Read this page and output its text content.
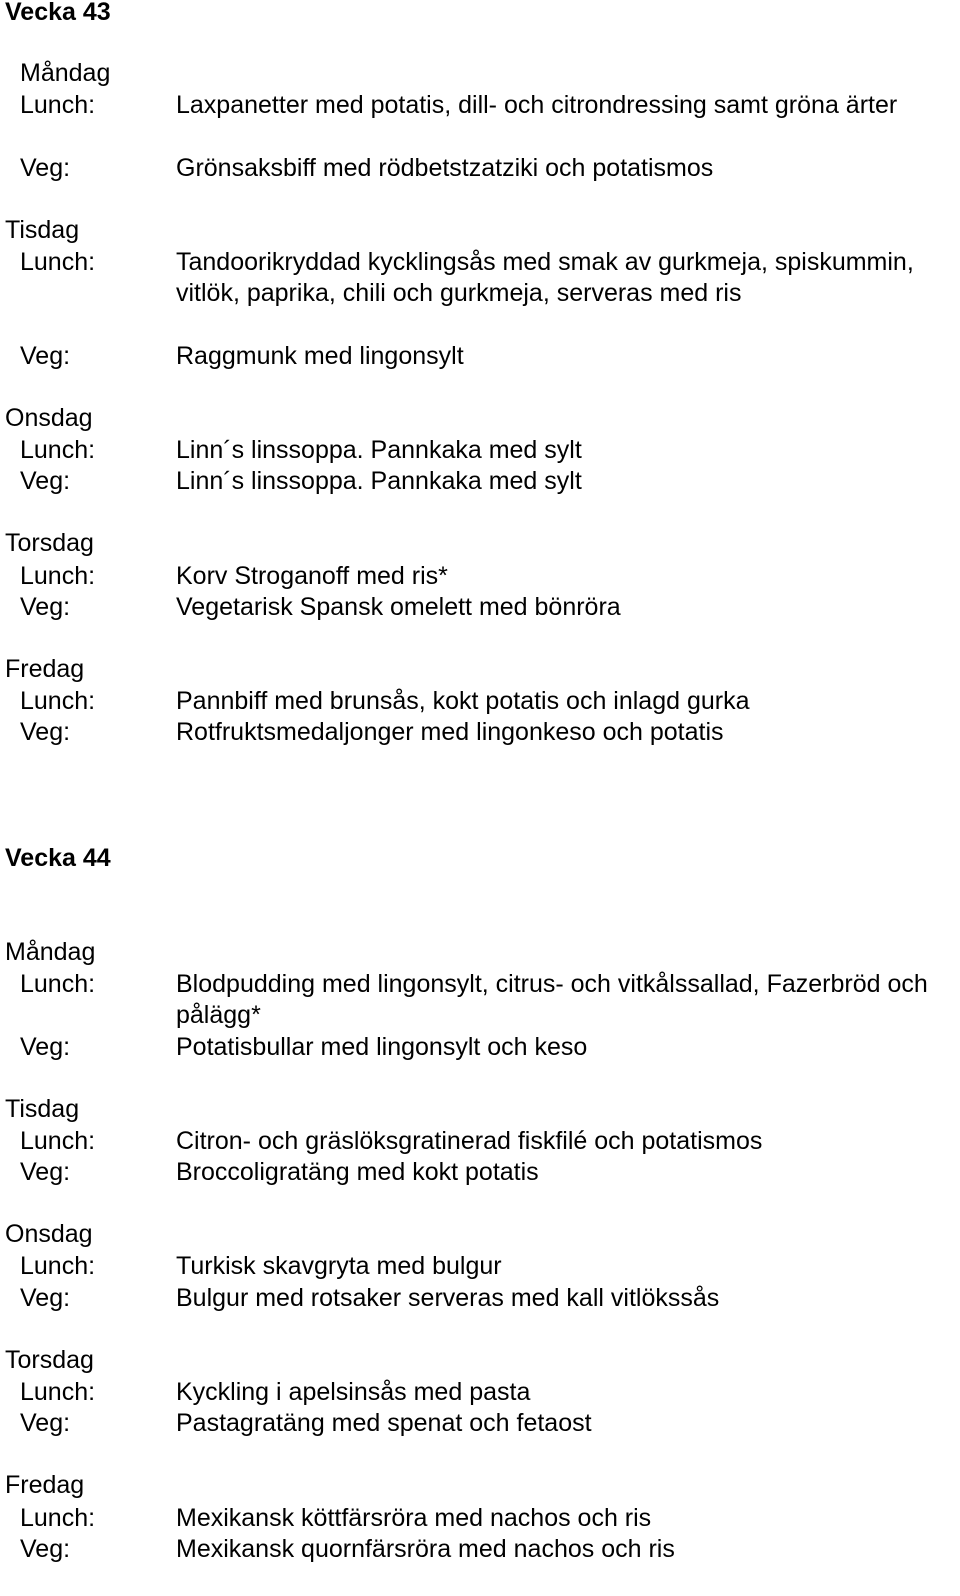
Vecka 43
Måndag
Lunch:	Laxpanetter med potatis, dill- och citrondressing samt gröna ärter
Veg:	Grönsaksbiff med rödbetstzatziki och potatismos
Tisdag
Lunch:	Tandoorikryddad kycklingsås med smak av gurkmeja, spiskummin, vitlök, paprika, chili och gurkmeja, serveras med ris
Veg:	Raggmunk med lingonsylt
Onsdag
Lunch:	Linn´s linssoppa. Pannkaka med sylt
Veg:	Linn´s linssoppa. Pannkaka med sylt
Torsdag
Lunch:	Korv Stroganoff med ris*
Veg:	Vegetarisk Spansk omelett med bönröra
Fredag
Lunch:	Pannbiff med brunsås, kokt potatis och inlagd gurka
Veg:	Rotfruktsmedaljonger med lingonkeso och potatis
Vecka 44
Måndag
Lunch:	Blodpudding med lingonsylt, citrus- och vitkålssallad, Fazerbröd och pålägg*
Veg:	Potatisbullar med lingonsylt och keso
Tisdag
Lunch:	Citron- och gräslöksgratinerad fiskfilé och potatismos
Veg:	Broccoligratäng med kokt potatis
Onsdag
Lunch:	Turkisk skavgryta med bulgur
Veg:	Bulgur med rotsaker serveras med kall vitlökssås
Torsdag
Lunch:	Kyckling i apelsinsås med pasta
Veg:	Pastagratäng med spenat och fetaost
Fredag
Lunch:	Mexikansk köttfärsröra med nachos och ris
Veg:	Mexikansk quornfärsröra med nachos och ris
